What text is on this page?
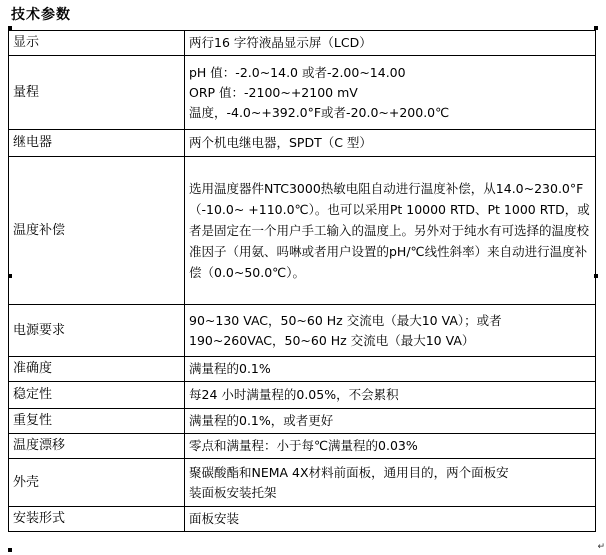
技术参数
显示	两行16 字符液晶显示屏（LCD）

量程	pH 值：-2.0~14.0 或者-2.00~14.00
ORP 值：-2100~+2100 mV
温度，-4.0~+392.0°F或者-20.0~+200.0℃

继电器	两个机电继电器，SPDT（C 型）

温度补偿	选用温度器件NTC3000热敏电阻自动进行温度补偿，从14.0~230.0°F（-10.0~ +110.0℃）。也可以采用Pt 10000 RTD、Pt 1000 RTD，或者是固定在一个用户手工输入的温度上。另外对于纯水有可选择的温度校准因子（用氨、吗啉或者用户设置的pH/℃线性斜率）来自动进行温度补偿（0.0~50.0℃）。

电源要求	90~130 VAC，50~60 Hz 交流电（最大10 VA）；或者
190~260VAC，50~60 Hz 交流电（最大10 VA）

准确度	满量程的0.1%

稳定性	每24 小时满量程的0.05%，不会累积

重复性	满量程的0.1%，或者更好

温度漂移	零点和满量程：小于每℃满量程的0.03%

外壳	聚碳酸酯和NEMA 4X材料前面板，通用目的，两个面板安
装面板安装托架

安装形式	面板安装
↵
